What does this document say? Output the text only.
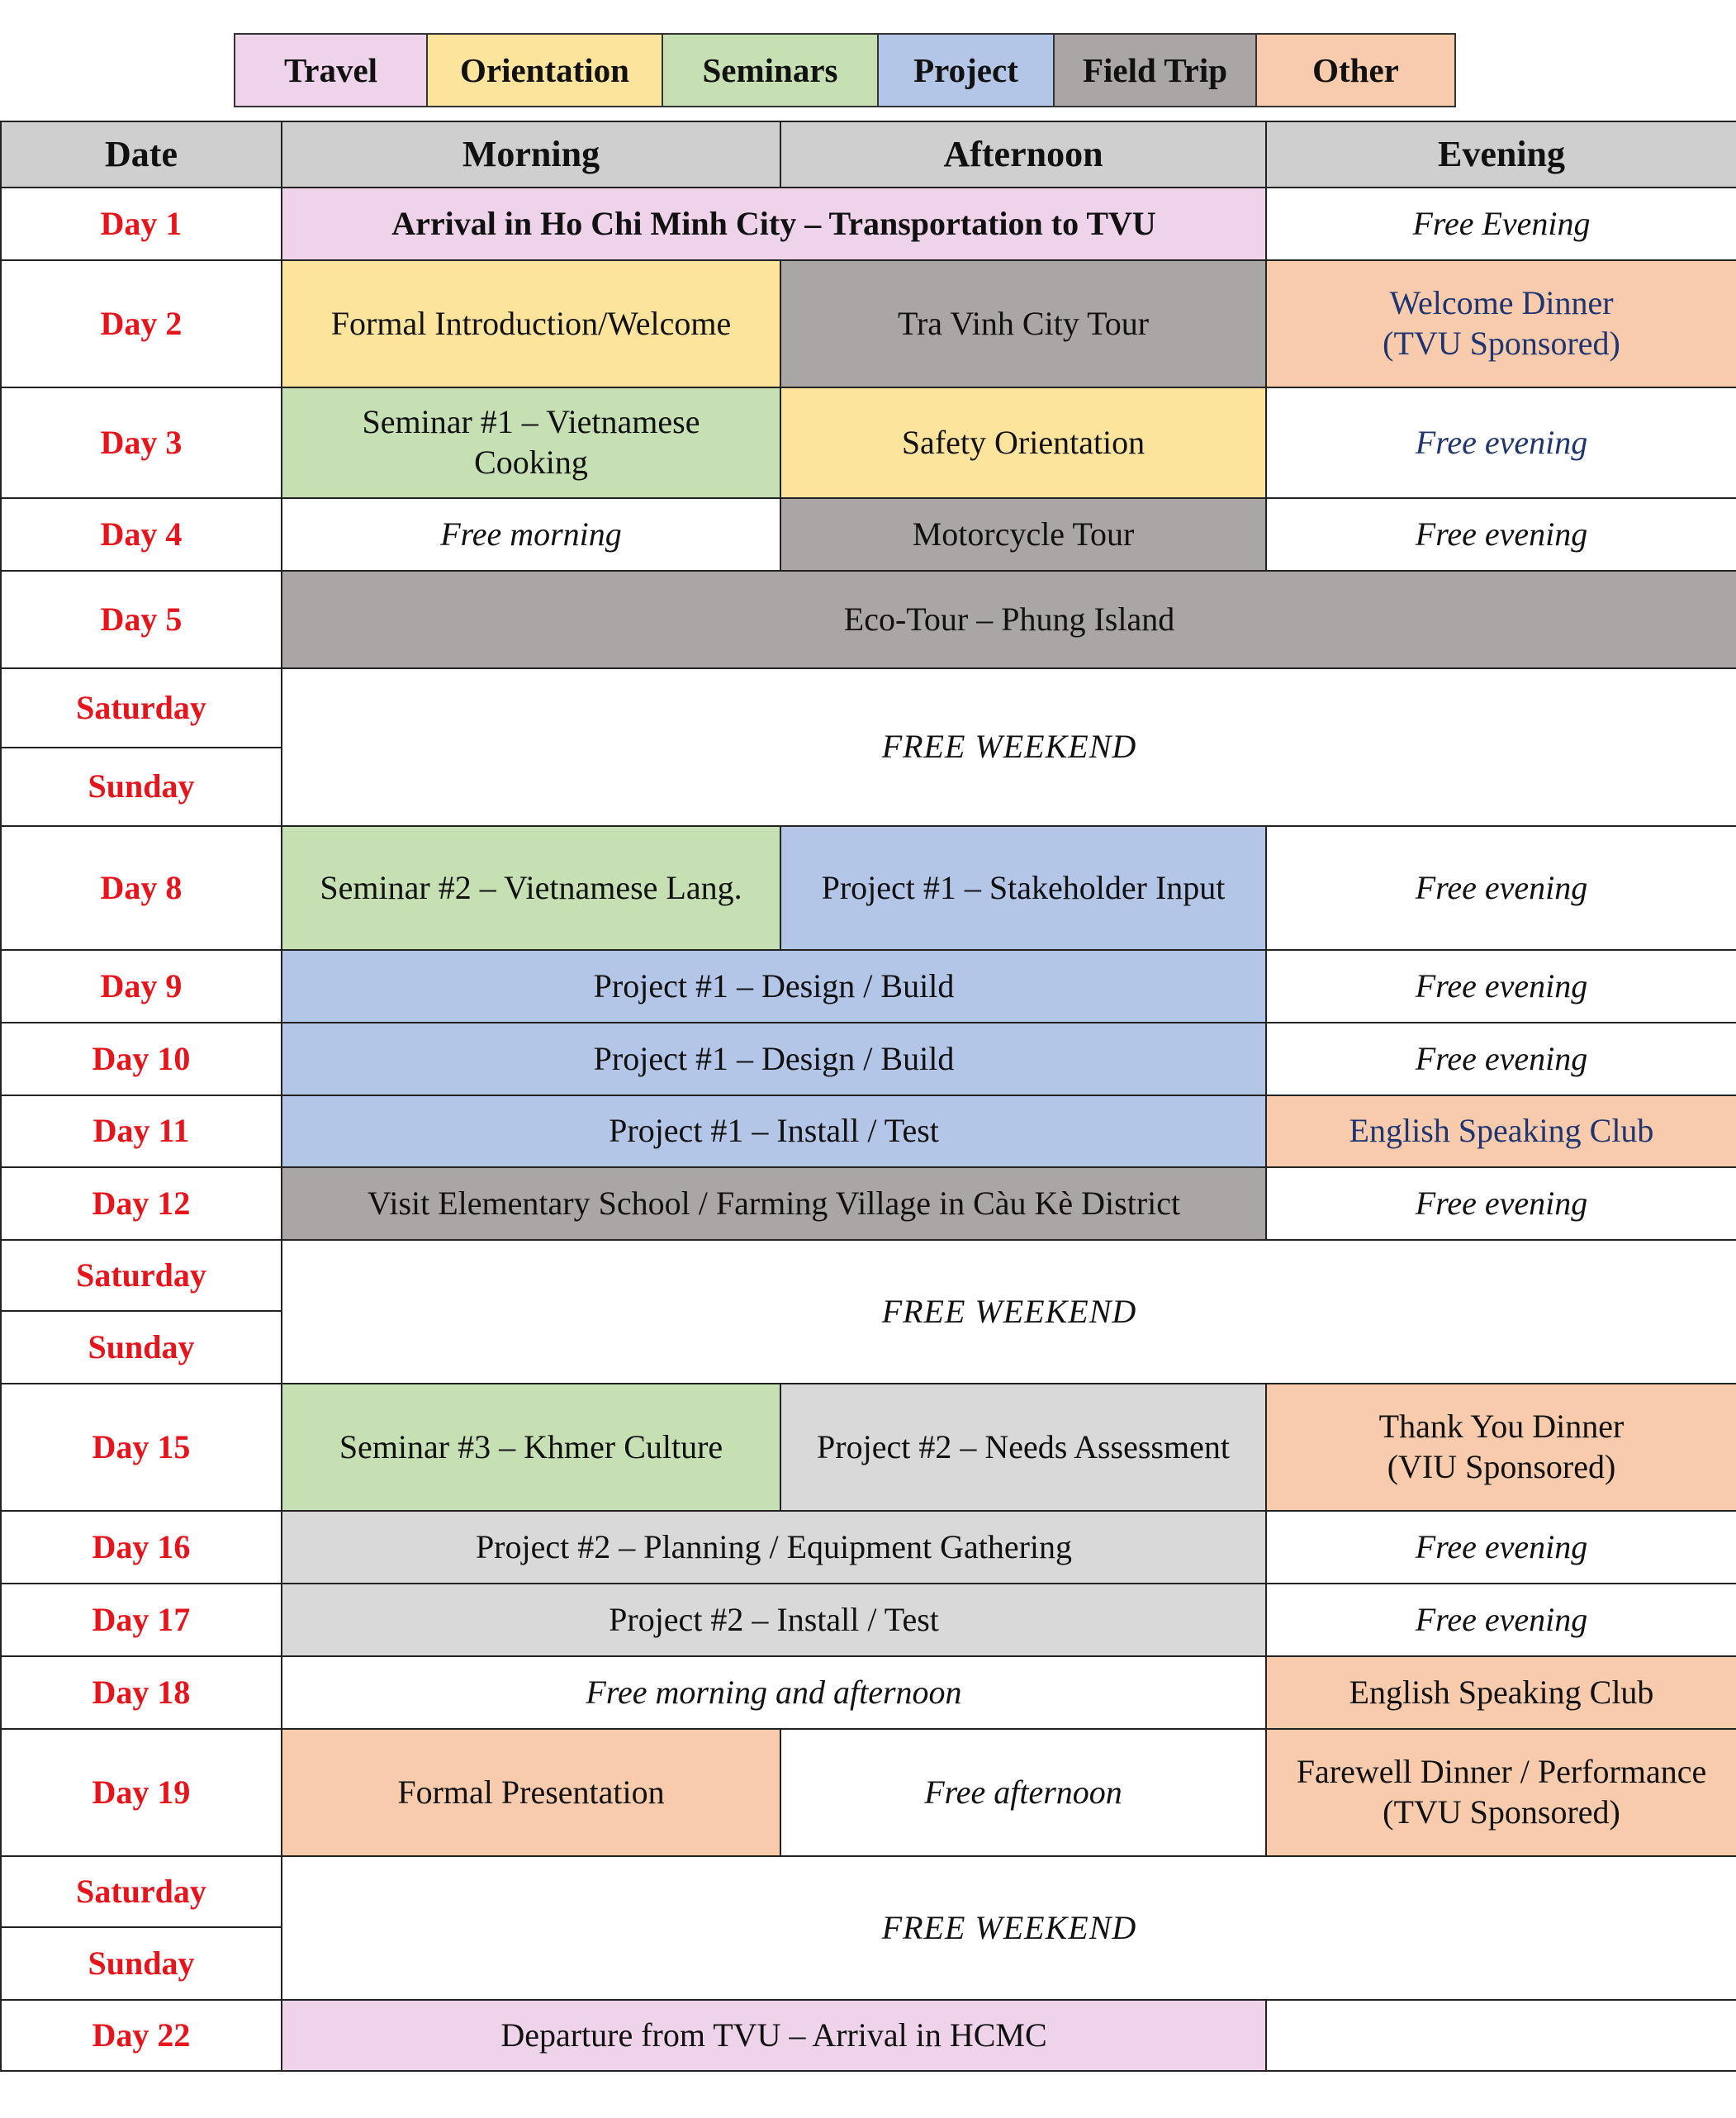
Travel	Orientation	Seminars	Project	Field Trip	Other
Date	Morning	Afternoon	Evening
Day 1	Arrival in Ho Chi Minh City – Transportation to TVU		Free Evening
Day 2	Formal Introduction/Welcome	Tra Vinh City Tour	Welcome Dinner
(TVU Sponsored)

Day 3	Seminar #1 – Vietnamese Cooking	Safety Orientation	Free evening
Day 4	Free morning	Motorcycle Tour	Free evening
Day 5	Eco-Tour – Phung Island		
Saturday	FREE WEEKEND		
Sunday			
Day 8	Seminar #2 – Vietnamese Lang.	Project #1 – Stakeholder Input	Free evening
Day 9	Project #1 – Design / Build		Free evening
Day 10	Project #1 – Design / Build		Free evening
Day 11	Project #1 – Install / Test		English Speaking Club
Day 12	Visit Elementary School / Farming Village in Càu Kè District		Free evening
Saturday	FREE WEEKEND		
Sunday			
Day 15	Seminar #3 – Khmer Culture	Project #2 – Needs Assessment	Thank You Dinner
(VIU Sponsored)

Day 16	Project #2 – Planning / Equipment Gathering		Free evening
Day 17	Project #2 – Install / Test		Free evening
Day 18	Free morning and afternoon		English Speaking Club
Day 19	Formal Presentation	Free afternoon	Farewell Dinner / Performance
(TVU Sponsored)

Saturday	FREE WEEKEND		
Sunday			
Day 22	Departure from TVU – Arrival in HCMC		
